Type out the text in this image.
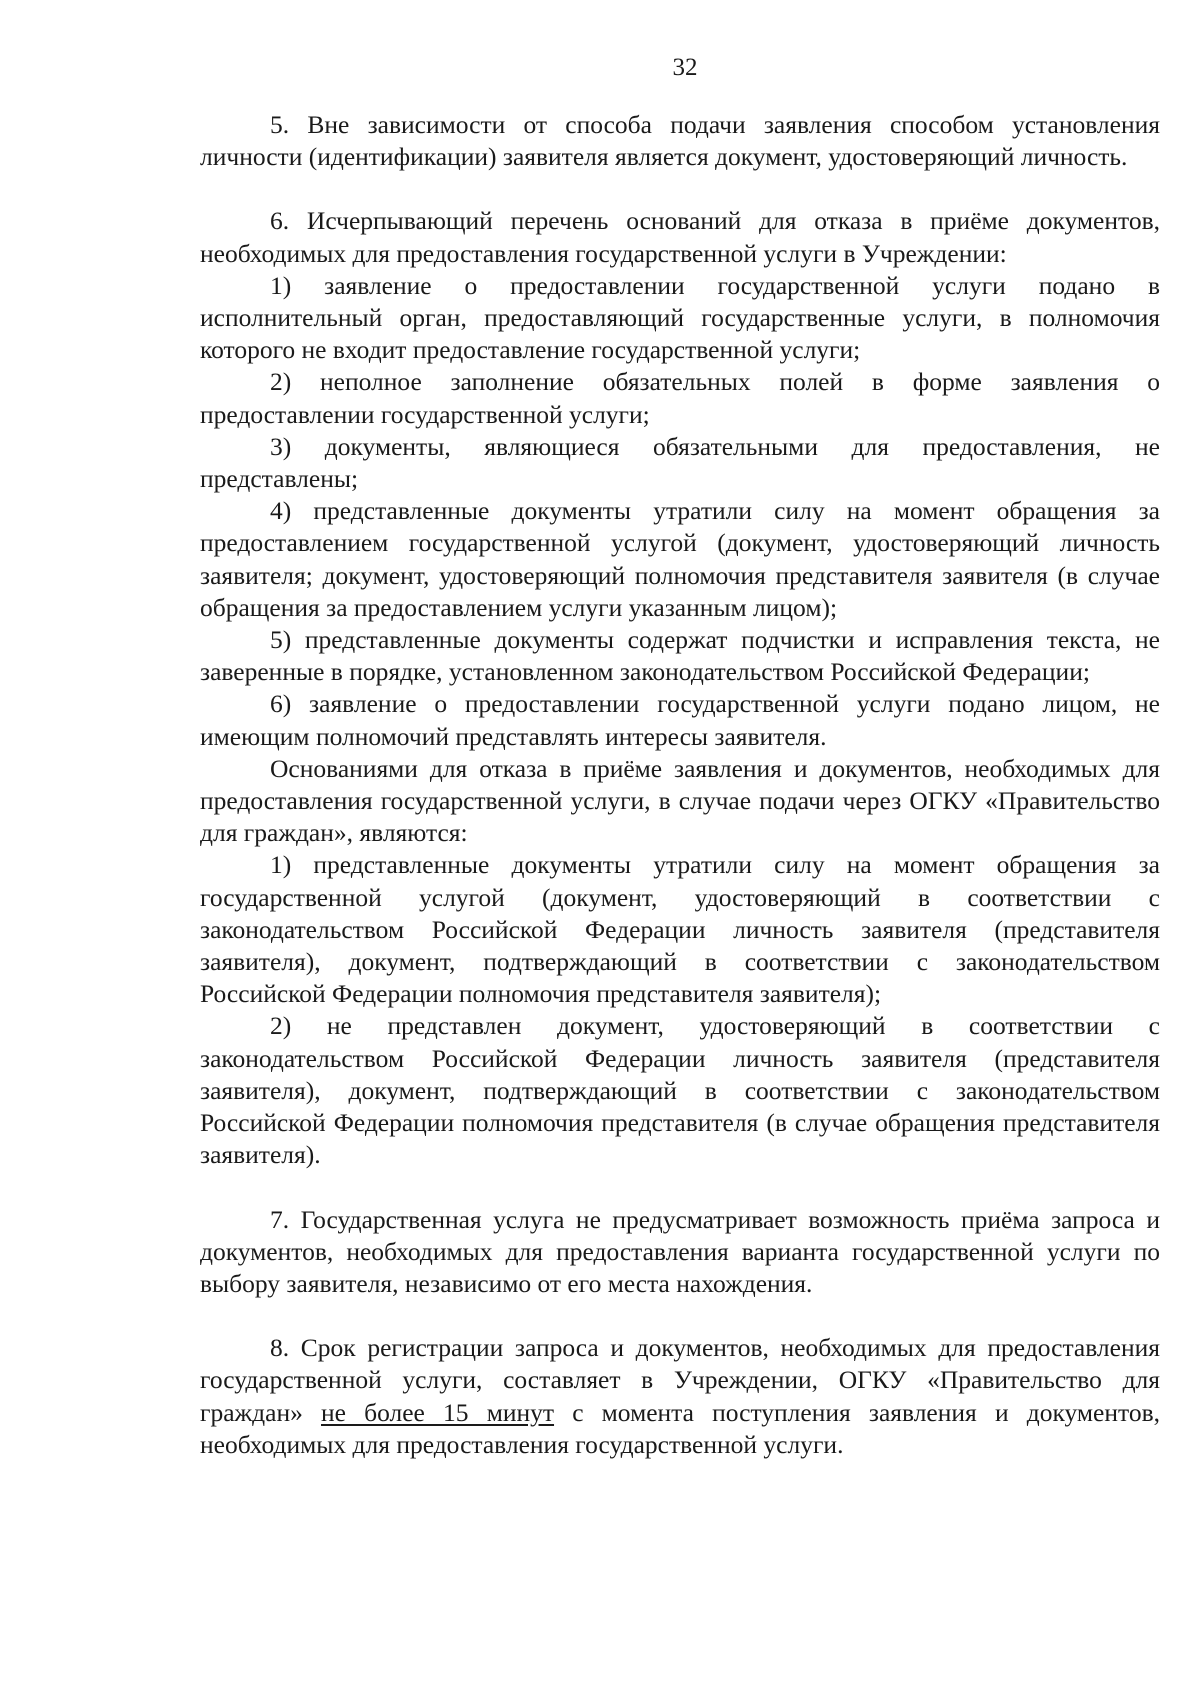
32

5. Вне зависимости от способа подачи заявления способом установления личности (идентификации) заявителя является документ, удостоверяющий личность.

6. Исчерпывающий перечень оснований для отказа в приёме документов, необходимых для предоставления государственной услуги в Учреждении:

1) заявление о предоставлении государственной услуги подано в исполнительный орган, предоставляющий государственные услуги, в полномочия которого не входит предоставление государственной услуги;

2) неполное заполнение обязательных полей в форме заявления о предоставлении государственной услуги;

3) документы, являющиеся обязательными для предоставления, не представлены;

4) представленные документы утратили силу на момент обращения за предоставлением государственной услугой (документ, удостоверяющий личность заявителя; документ, удостоверяющий полномочия представителя заявителя (в случае обращения за предоставлением услуги указанным лицом);

5) представленные документы содержат подчистки и исправления текста, не заверенные в порядке, установленном законодательством Российской Федерации;

6) заявление о предоставлении государственной услуги подано лицом, не имеющим полномочий представлять интересы заявителя.

Основаниями для отказа в приёме заявления и документов, необходимых для предоставления государственной услуги, в случае подачи через ОГКУ «Правительство для граждан», являются:

1) представленные документы утратили силу на момент обращения за государственной услугой (документ, удостоверяющий в соответствии с законодательством Российской Федерации личность заявителя (представителя заявителя), документ, подтверждающий в соответствии с законодательством Российской Федерации полномочия представителя заявителя);

2) не представлен документ, удостоверяющий в соответствии с законодательством Российской Федерации личность заявителя (представителя заявителя), документ, подтверждающий в соответствии с законодательством Российской Федерации полномочия представителя (в случае обращения представителя заявителя).

7. Государственная услуга не предусматривает возможность приёма запроса и документов, необходимых для предоставления варианта государственной услуги по выбору заявителя, независимо от его места нахождения.

8. Срок регистрации запроса и документов, необходимых для предоставления государственной услуги, составляет в Учреждении, ОГКУ «Правительство для граждан» не более 15 минут с момента поступления заявления и документов, необходимых для предоставления государственной услуги.
